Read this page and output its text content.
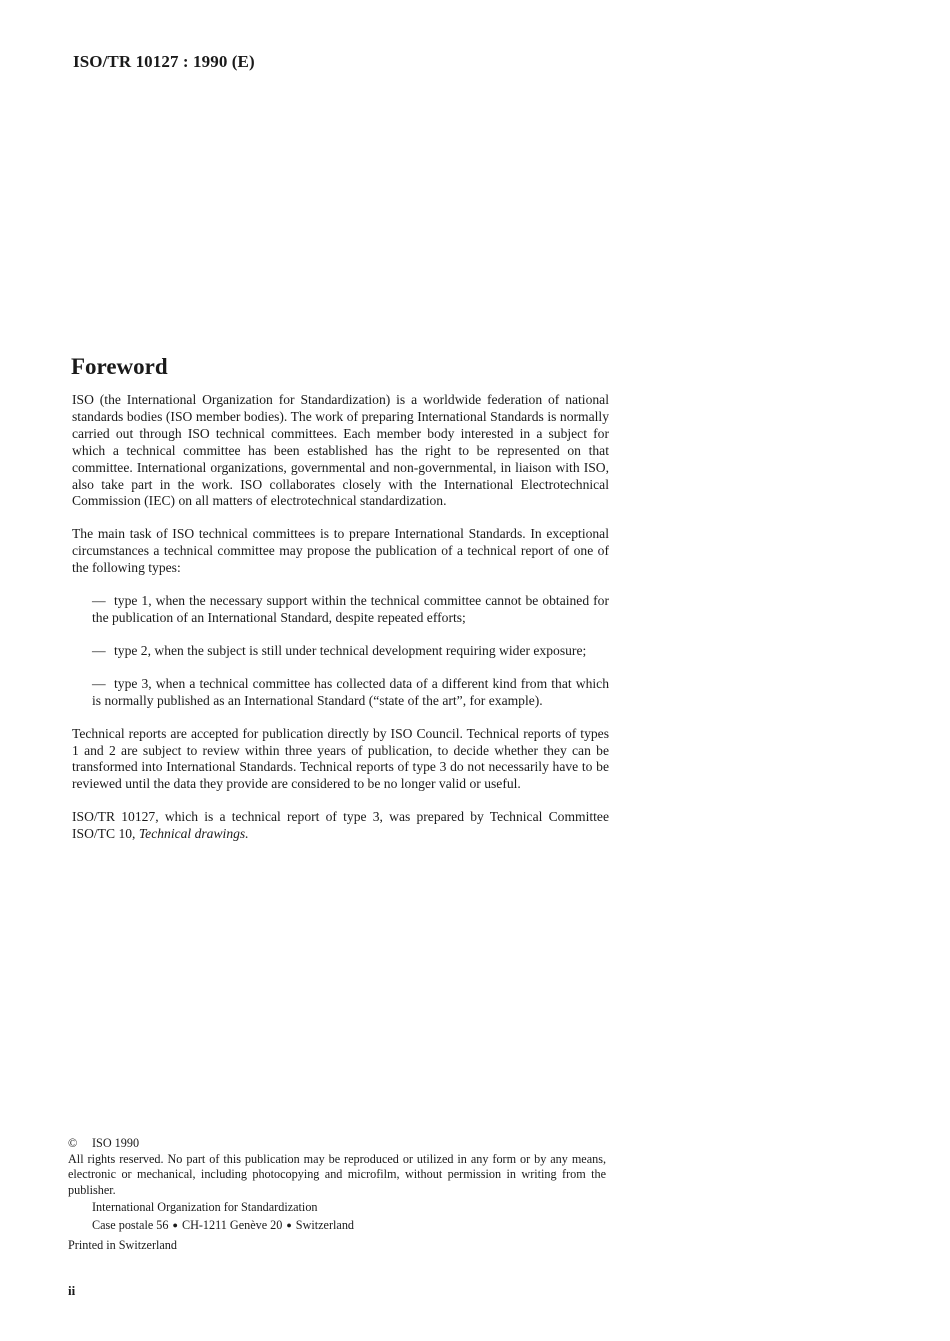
ISO/TR 10127 : 1990 (E)
Foreword

ISO (the International Organization for Standardization) is a worldwide federation of national standards bodies (ISO member bodies). The work of preparing International Standards is normally carried out through ISO technical committees. Each member body interested in a subject for which a technical committee has been established has the right to be represented on that committee. International organizations, governmental and non-governmental, in liaison with ISO, also take part in the work. ISO collaborates closely with the International Electrotechnical Commission (IEC) on all matters of electrotechnical standardization.

The main task of ISO technical committees is to prepare International Standards. In exceptional circumstances a technical committee may propose the publication of a technical report of one of the following types:

— type 1, when the necessary support within the technical committee cannot be obtained for the publication of an International Standard, despite repeated efforts;

— type 2, when the subject is still under technical development requiring wider exposure;

— type 3, when a technical committee has collected data of a different kind from that which is normally published as an International Standard (“state of the art”, for example).

Technical reports are accepted for publication directly by ISO Council. Technical reports of types 1 and 2 are subject to review within three years of publication, to decide whether they can be transformed into International Standards. Technical reports of type 3 do not necessarily have to be reviewed until the data they provide are considered to be no longer valid or useful.

ISO/TR 10127, which is a technical report of type 3, was prepared by Technical Committee ISO/TC 10, Technical drawings.

© ISO 1990

All rights reserved. No part of this publication may be reproduced or utilized in any form or by any means, electronic or mechanical, including photocopying and microfilm, without permission in writing from the publisher.

International Organization for Standardization

Case postale 56 ● CH-1211 Genève 20 ● Switzerland

Printed in Switzerland

ii
